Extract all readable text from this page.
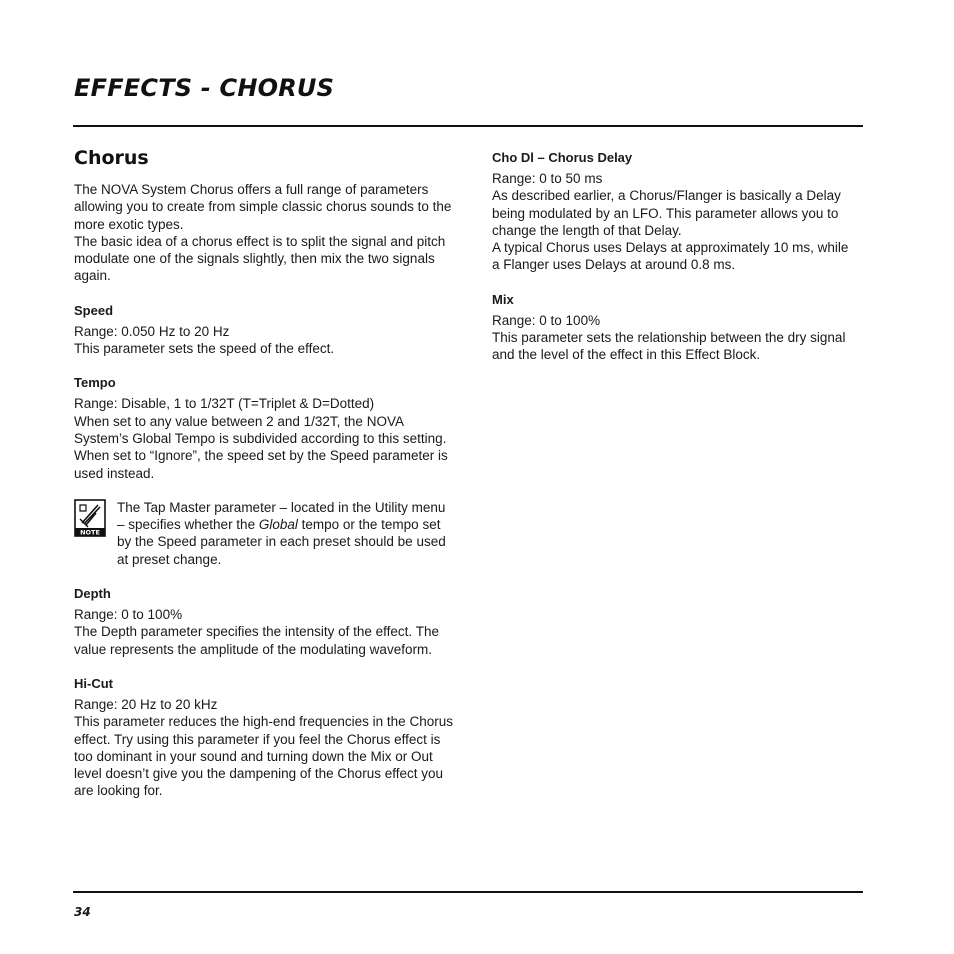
EFFECTS - CHORUS
Chorus

The NOVA System Chorus offers a full range of parameters allowing you to create from simple classic chorus sounds to the more exotic types.

The basic idea of a chorus effect is to split the signal and pitch modulate one of the signals slightly, then mix the two signals again.

Speed

Range: 0.050 Hz to 20 Hz

This parameter sets the speed of the effect.

Tempo

Range: Disable, 1 to 1/32T (T=Triplet & D=Dotted)

When set to any value between 2 and 1/32T, the NOVA System’s Global Tempo is subdivided according to this setting. When set to “Ignore”, the speed set by the Speed parameter is used instead.

NOTE

The Tap Master parameter – located in the Utility menu – specifies whether the Global tempo or the tempo set by the Speed parameter in each preset should be used at preset change.

Depth

Range: 0 to 100%

The Depth parameter specifies the intensity of the effect. The value represents the amplitude of the modulating waveform.

Hi-Cut

Range: 20 Hz to 20 kHz

This parameter reduces the high-end frequencies in the Chorus effect. Try using this parameter if you feel the Chorus effect is too dominant in your sound and turning down the Mix or Out level doesn’t give you the dampening of the Chorus effect you are looking for.

Cho Dl – Chorus Delay

Range: 0 to 50 ms

As described earlier, a Chorus/Flanger is basically a Delay being modulated by an LFO. This parameter allows you to change the length of that Delay.

A typical Chorus uses Delays at approximately 10 ms, while a Flanger uses Delays at around 0.8 ms.

Mix

Range: 0 to 100%

This parameter sets the relationship between the dry signal and the level of the effect in this Effect Block.

34
